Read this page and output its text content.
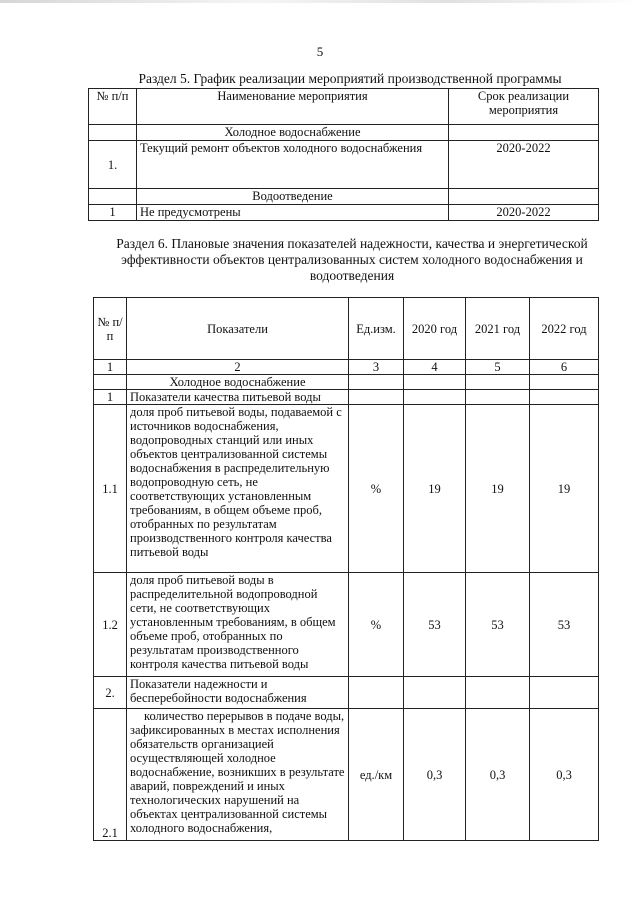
5
Раздел 5. График реализации мероприятий производственной программы
№ п/п	Наименование мероприятия	Срок реализации мероприятия
	Холодное водоснабжение	
1.	Текущий ремонт объектов холодного водоснабжения	2020-2022
	Водоотведение	
1	Не предусмотрены	2020-2022
Раздел 6. Плановые значения показателей надежности, качества и энергетической эффективности объектов централизованных систем холодного водоснабжения и водоотведения
№ п/п	Показатели	Ед.изм.	2020 год	2021 год	2022 год
1	2	3	4	5	6
	Холодное водоснабжение				
1	Показатели качества питьевой воды				
1.1	доля проб питьевой воды, подаваемой с источников водоснабжения, водопроводных станций или иных объектов централизованной системы водоснабжения в распределительную водопроводную сеть, не соответствующих установленным требованиям, в общем объеме проб, отобранных по результатам производственного контроля качества питьевой воды	%	19	19	19
1.2	доля проб питьевой воды в распределительной водопроводной сети, не соответствующих установленным требованиям, в общем объеме проб, отобранных по результатам производственного контроля качества питьевой воды	%	53	53	53
2.	Показатели надежности и бесперебойности водоснабжения				
2.1	количество перерывов в подаче воды, зафиксированных в местах исполнения обязательств организацией осуществляющей холодное водоснабжение, возникших в результате аварий, повреждений и иных технологических нарушений на объектах централизованной системы холодного водоснабжения,	ед./км	0,3	0,3	0,3
